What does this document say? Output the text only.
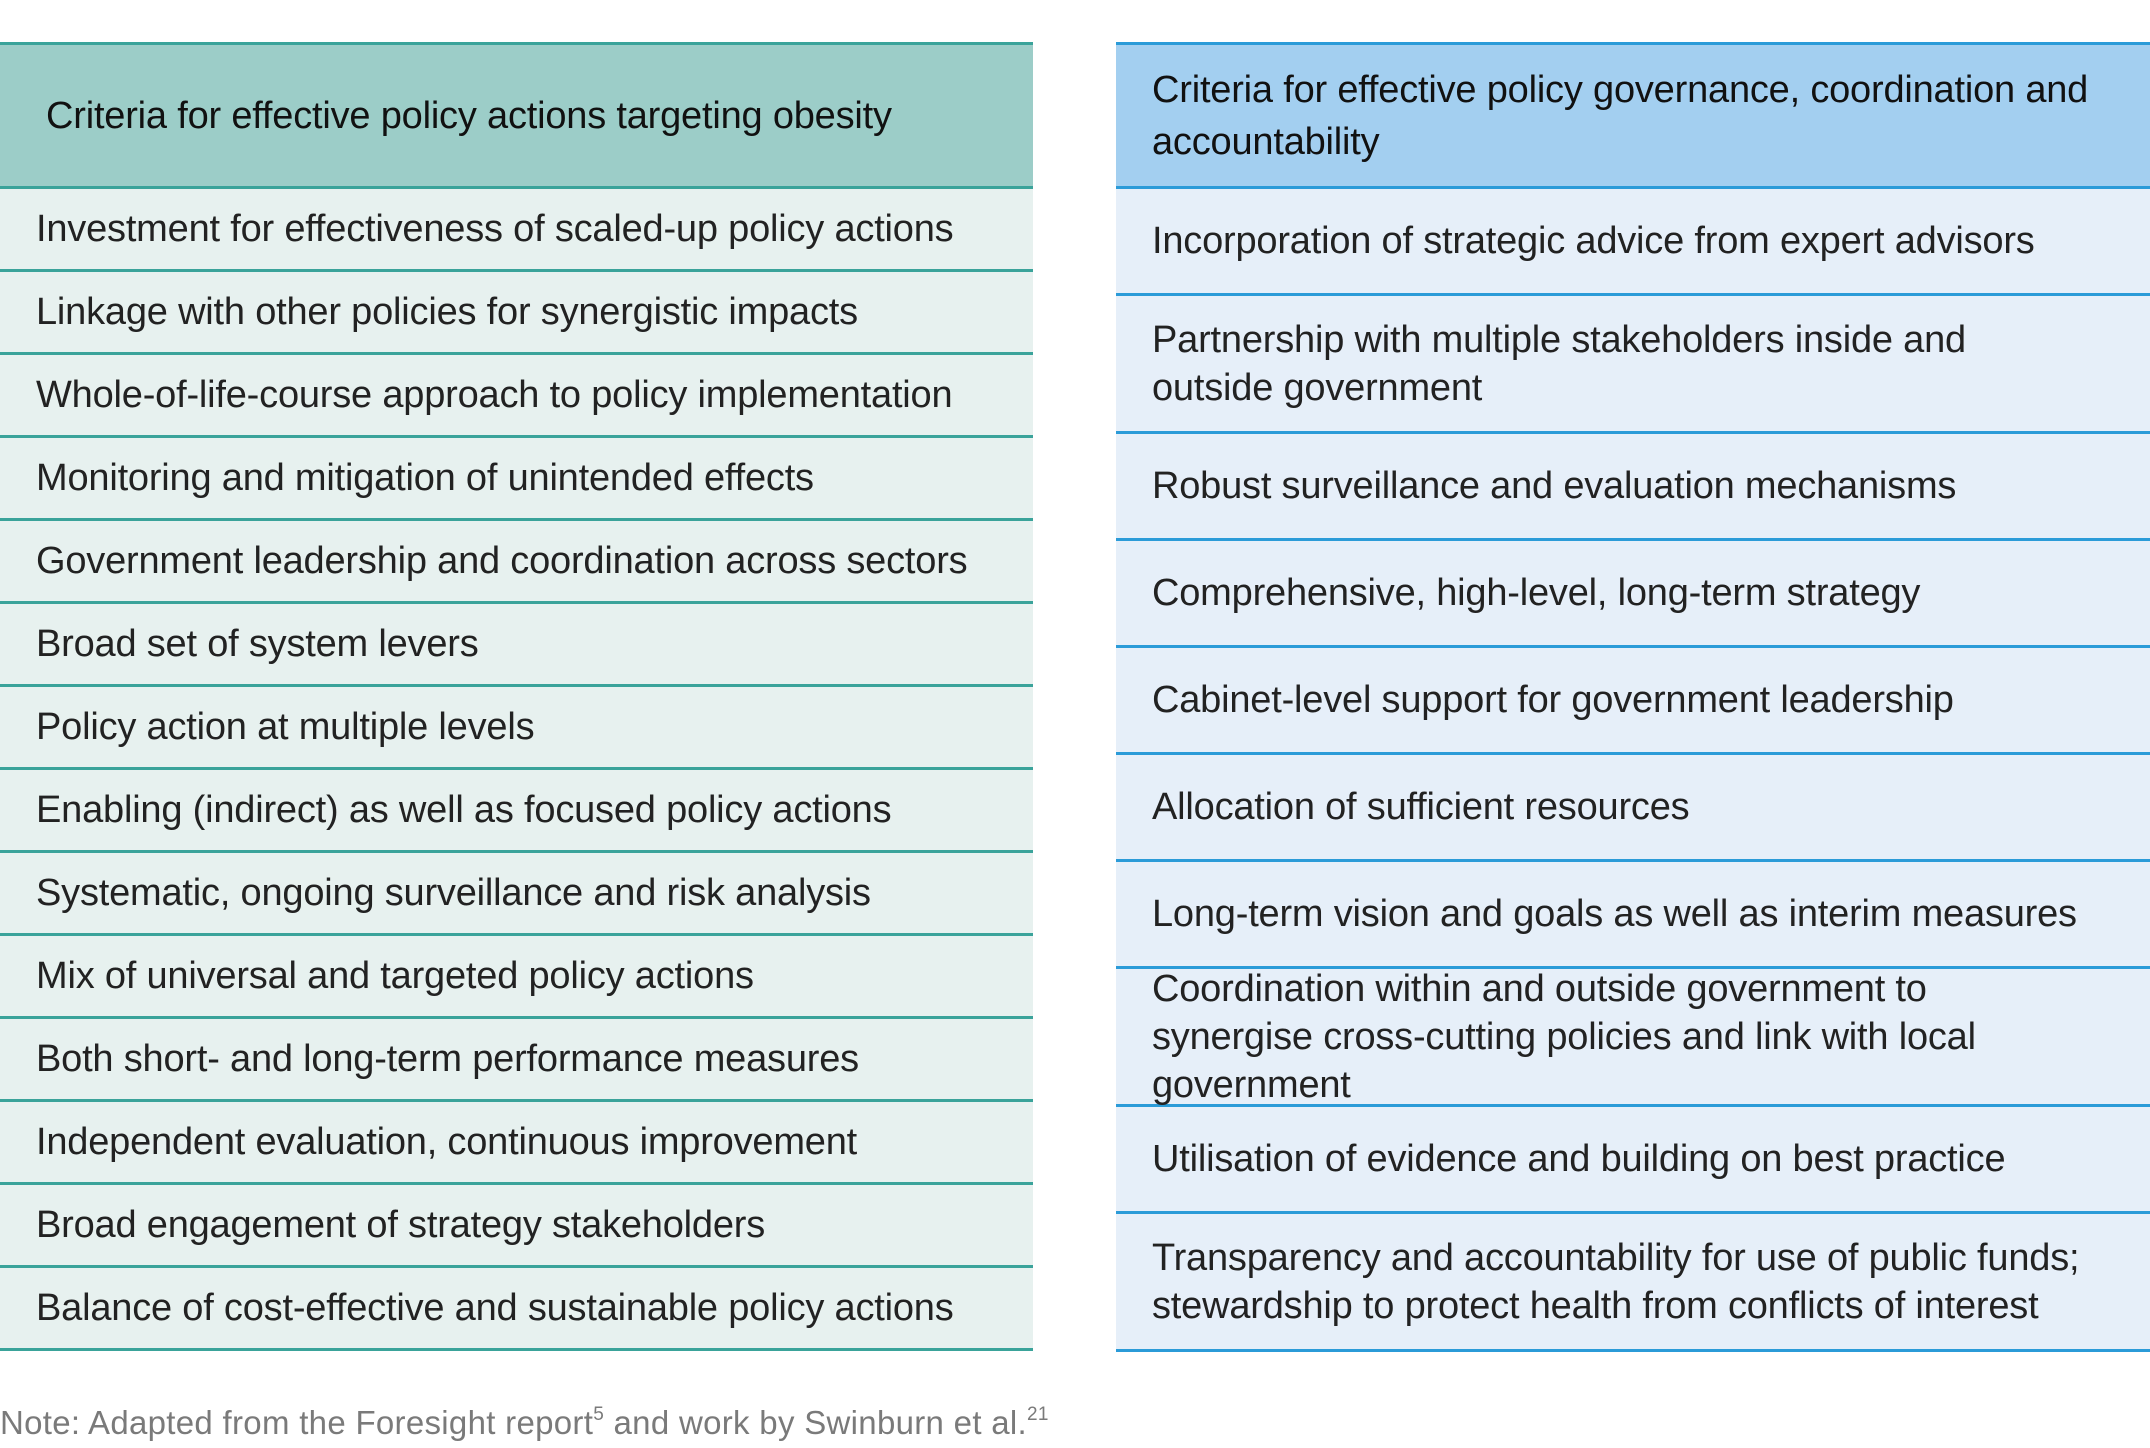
Criteria for effective policy actions targeting obesity
Investment for effectiveness of scaled-up policy actions
Linkage with other policies for synergistic impacts
Whole-of-life-course approach to policy implementation
Monitoring and mitigation of unintended effects
Government leadership and coordination across sectors
Broad set of system levers
Policy action at multiple levels
Enabling (indirect) as well as focused policy actions
Systematic, ongoing surveillance and risk analysis
Mix of universal and targeted policy actions
Both short- and long-term performance measures
Independent evaluation, continuous improvement
Broad engagement of strategy stakeholders
Balance of cost-effective and sustainable policy actions
Criteria for effective policy governance, coordination and accountability
Incorporation of strategic advice from expert advisors
Partnership with multiple stakeholders inside and outside government
Robust surveillance and evaluation mechanisms
Comprehensive, high-level, long-term strategy
Cabinet-level support for government leadership
Allocation of sufficient resources
Long-term vision and goals as well as interim measures
Coordination within and outside government to synergise cross-cutting policies and link with local government
Utilisation of evidence and building on best practice
Transparency and accountability for use of public funds; stewardship to protect health from conflicts of interest
Note: Adapted from the Foresight report$^5$ and work by Swinburn et al.$^{21}$
